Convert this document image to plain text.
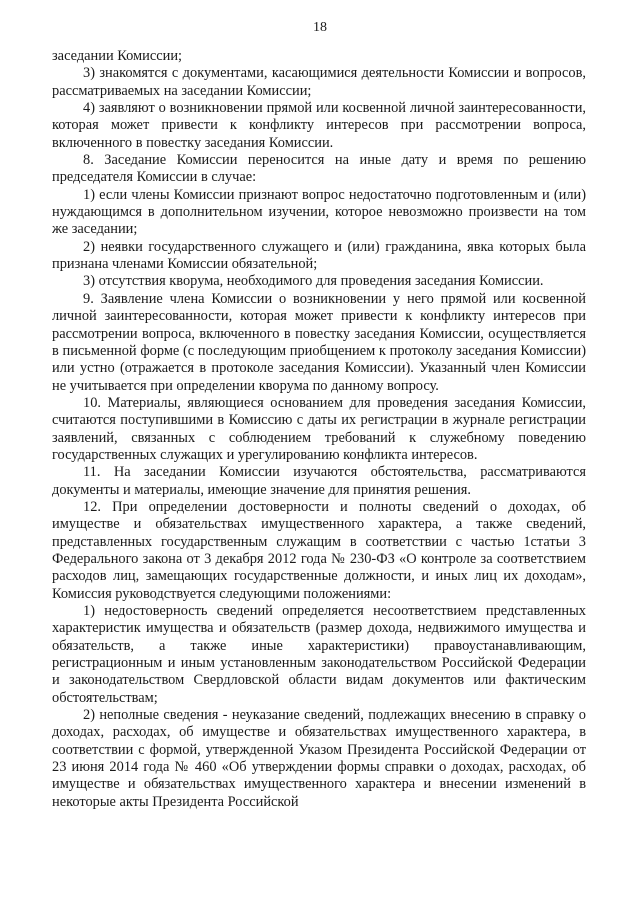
18

заседании Комиссии;

3) знакомятся с документами, касающимися деятельности Комиссии и вопросов, рассматриваемых на заседании Комиссии;

4) заявляют о возникновении прямой или косвенной личной заинтересованности, которая может привести к конфликту интересов при рассмотрении вопроса, включенного в повестку заседания Комиссии.

8. Заседание Комиссии переносится на иные дату и время по решению председателя Комиссии в случае:

1) если члены Комиссии признают вопрос недостаточно подготовленным и (или) нуждающимся в дополнительном изучении, которое невозможно произвести на том же заседании;

2) неявки государственного служащего и (или) гражданина, явка которых была признана членами Комиссии обязательной;

3) отсутствия кворума, необходимого для проведения заседания Комиссии.

9. Заявление члена Комиссии о возникновении у него прямой или косвенной личной заинтересованности, которая может привести к конфликту интересов при рассмотрении вопроса, включенного в повестку заседания Комиссии, осуществляется в письменной форме (с последующим приобщением к протоколу заседания Комиссии) или устно (отражается в протоколе заседания Комиссии). Указанный член Комиссии не учитывается при определении кворума по данному вопросу.

10. Материалы, являющиеся основанием для проведения заседания Комиссии, считаются поступившими в Комиссию с даты их регистрации в журнале регистрации заявлений, связанных с соблюдением требований к служебному поведению государственных служащих и урегулированию конфликта интересов.

11. На заседании Комиссии изучаются обстоятельства, рассматриваются документы и материалы, имеющие значение для принятия решения.

12. При определении достоверности и полноты сведений о доходах, об имуществе и обязательствах имущественного характера, а также сведений, представленных государственным служащим в соответствии с частью 1статьи 3 Федерального закона от 3 декабря 2012 года № 230-ФЗ «О контроле за соответствием расходов лиц, замещающих государственные должности, и иных лиц их доходам», Комиссия руководствуется следующими положениями:

1) недостоверность сведений определяется несоответствием представленных характеристик имущества и обязательств (размер дохода, недвижимого имущества и обязательств, а также иные характеристики) правоустанавливающим, регистрационным и иным установленным законодательством Российской Федерации и законодательством Свердловской области видам документов или фактическим обстоятельствам;

2) неполные сведения - неуказание сведений, подлежащих внесению в справку о доходах, расходах, об имуществе и обязательствах имущественного характера, в соответствии с формой, утвержденной Указом Президента Российской Федерации от 23 июня 2014 года № 460 «Об утверждении формы справки о доходах, расходах, об имуществе и обязательствах имущественного характера и внесении изменений в некоторые акты Президента Российской
